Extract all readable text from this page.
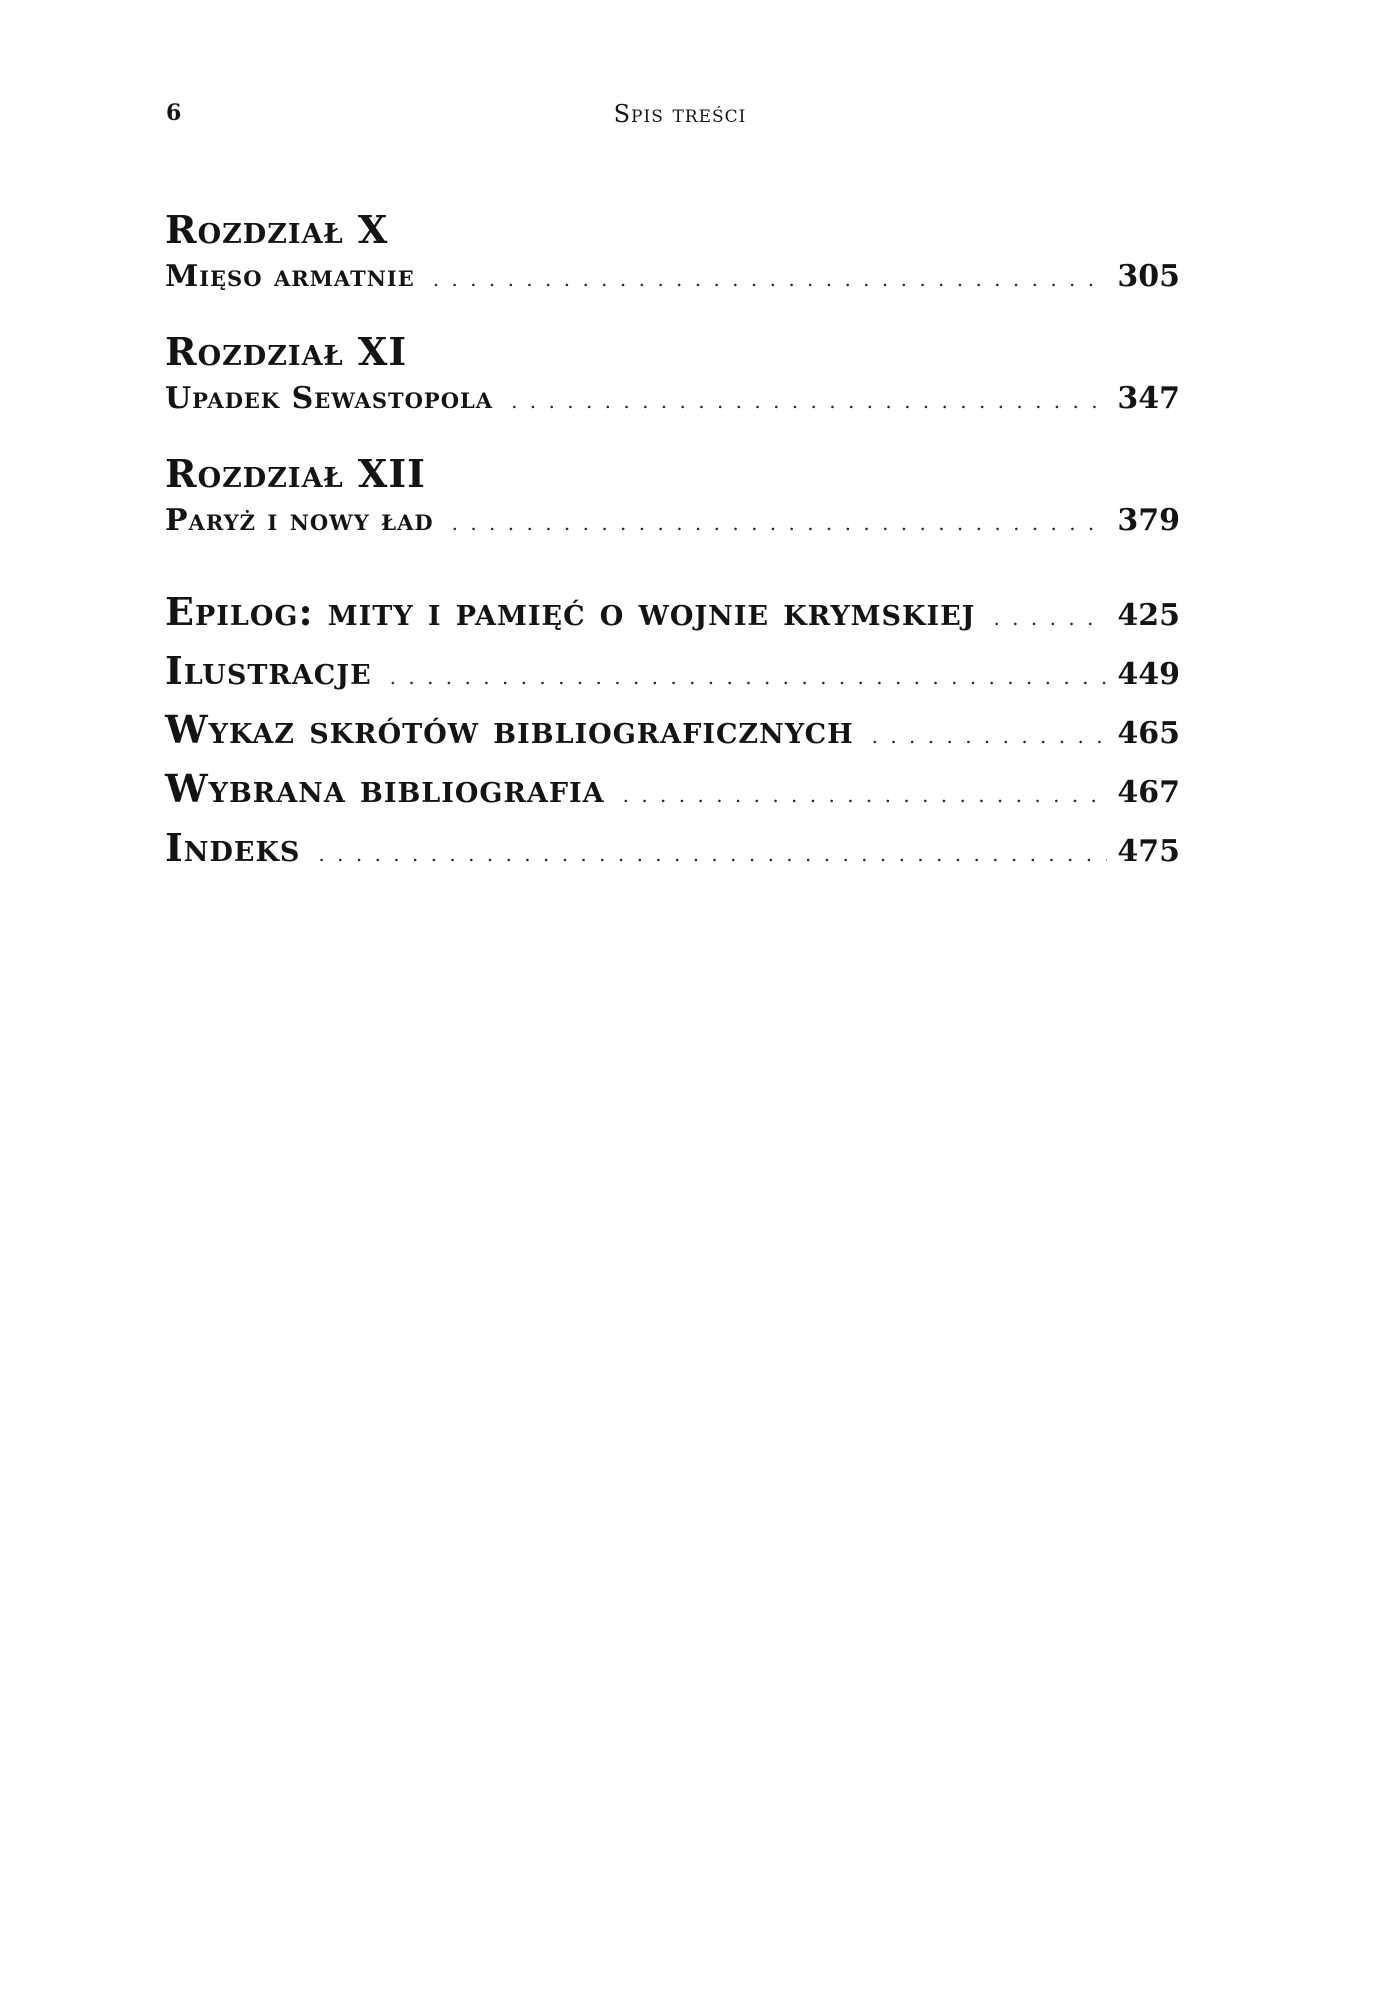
6	Spis treści
Rozdział X
Mięso armatnie . . .	305
Rozdział XI
Upadek Sewastopola . . .	347
Rozdział XII
Paryż i nowy ład . . .	379
Epilog: mity i pamięć o wojnie krymskiej . . .	425
Ilustracje . . .	449
Wykaz skrótów bibliograficznych . . .	465
Wybrana bibliografia . . .	467
Indeks . . .	475
